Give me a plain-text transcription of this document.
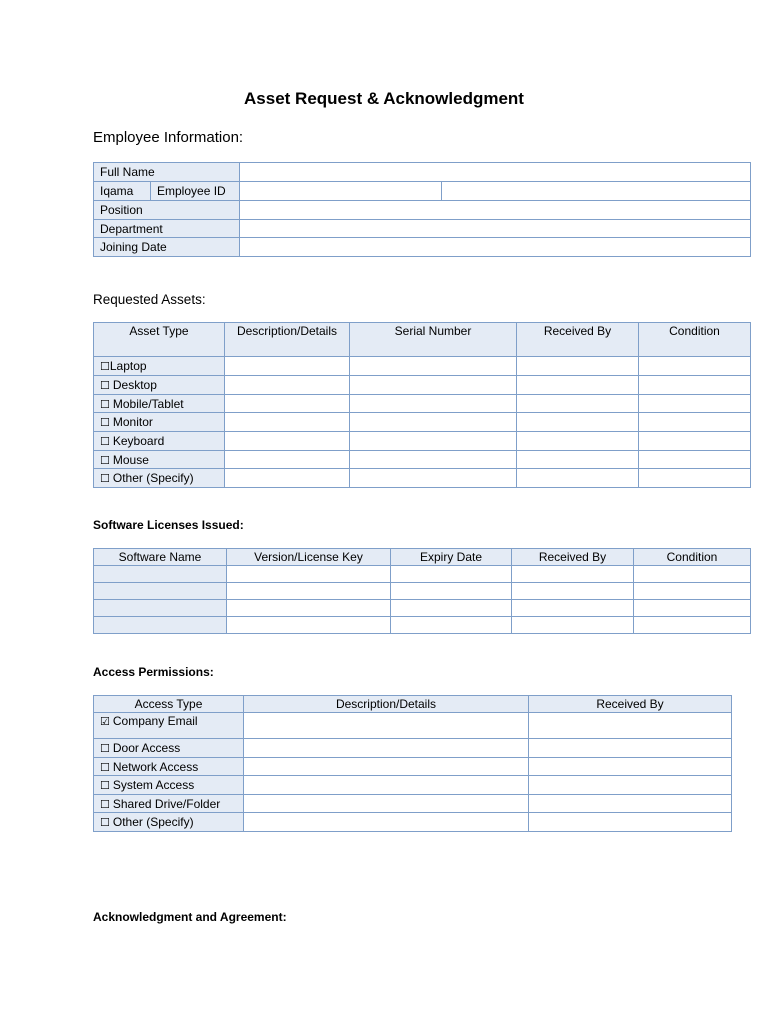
Asset Request & Acknowledgment
Employee Information:
Full Name			
Iqama	Employee ID		
Position			
Department			
Joining Date			
Requested Assets:
Asset Type	Description/Details	Serial Number	Received By	Condition
☐Laptop				
☐ Desktop				
☐ Mobile/Tablet				
☐ Monitor				
☐ Keyboard				
☐ Mouse				
☐ Other (Specify)				
Software Licenses Issued:
Software Name	Version/License Key	Expiry Date	Received By	Condition

Access Permissions:
Access Type	Description/Details	Received By
☑ Company Email		
☐ Door Access		
☐ Network Access		
☐ System Access		
☐ Shared Drive/Folder		
☐ Other (Specify)		
Acknowledgment and Agreement:
